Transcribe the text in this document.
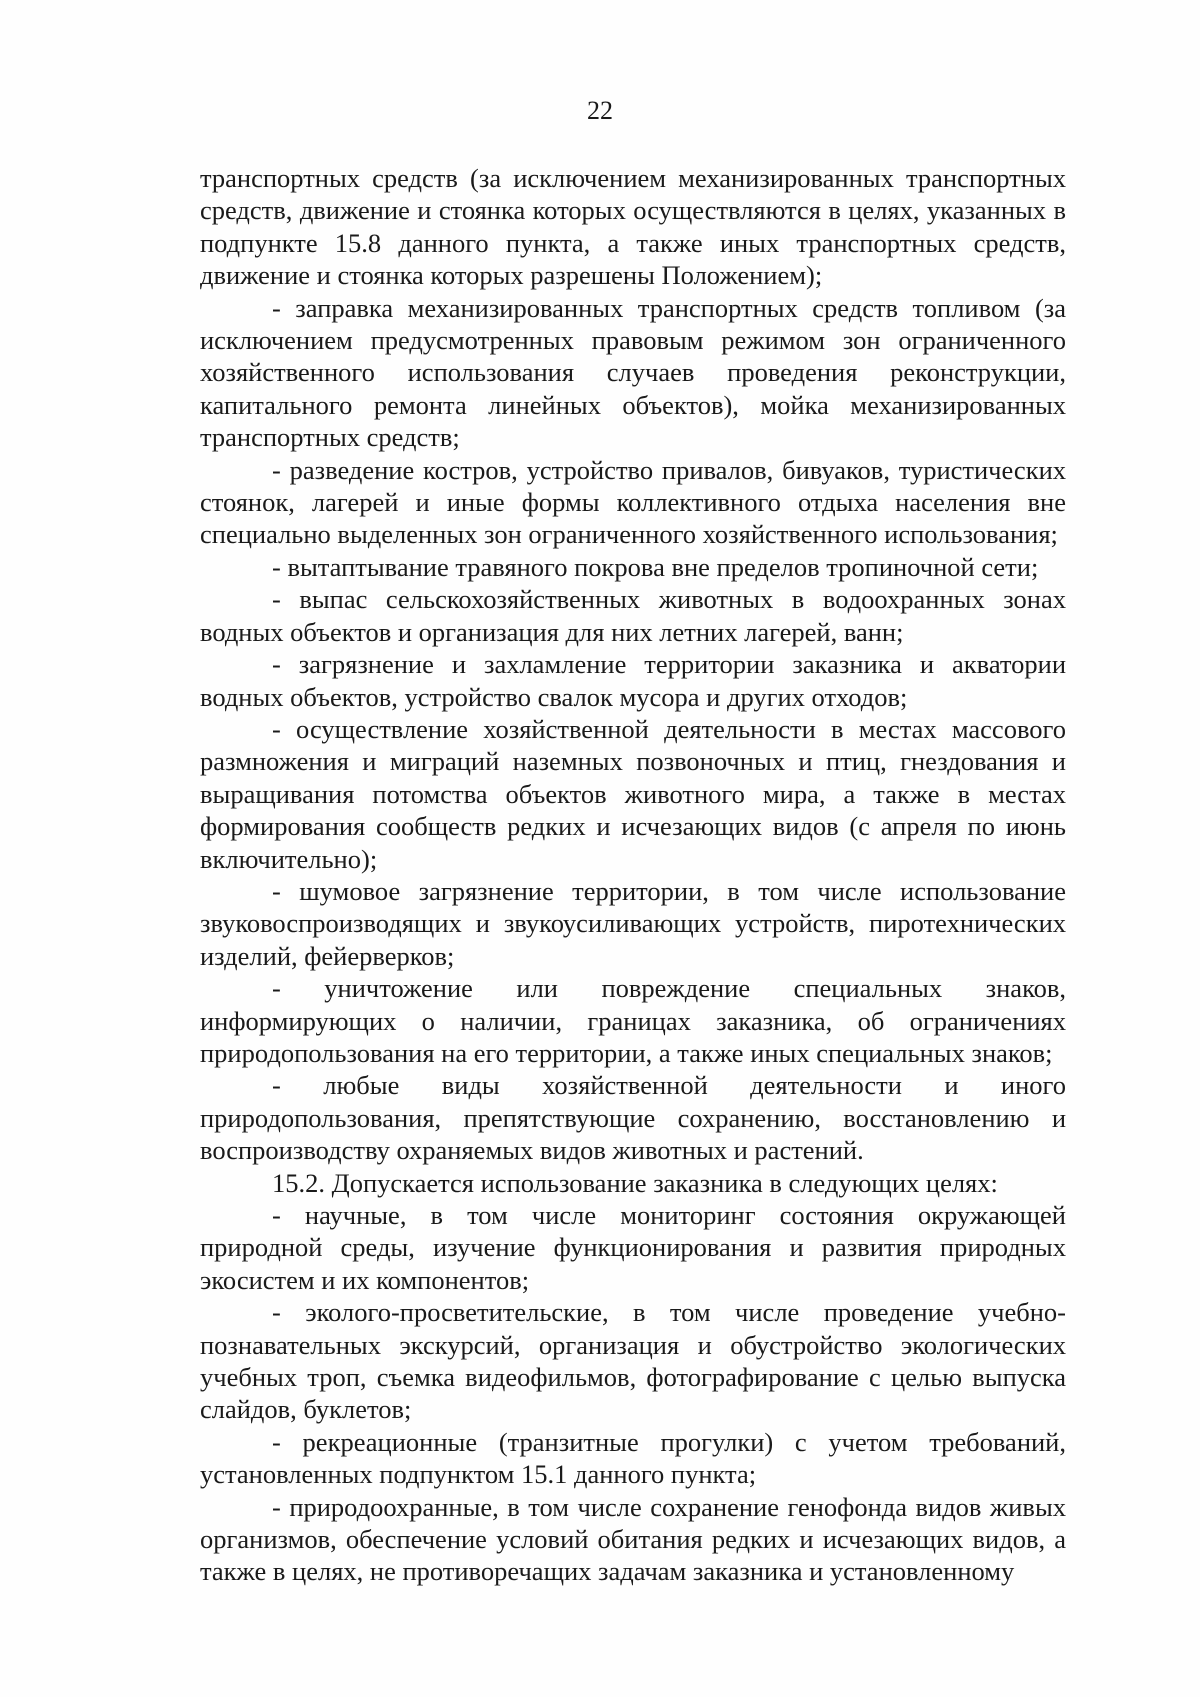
22

транспортных средств (за исключением механизированных транспортных средств, движение и стоянка которых осуществляются в целях, указанных в подпункте 15.8 данного пункта, а также иных транспортных средств, движение и стоянка которых разрешены Положением);

- заправка механизированных транспортных средств топливом (за исключением предусмотренных правовым режимом зон ограниченного хозяйственного использования случаев проведения реконструкции, капитального ремонта линейных объектов), мойка механизированных транспортных средств;

- разведение костров, устройство привалов, бивуаков, туристических стоянок, лагерей и иные формы коллективного отдыха населения вне специально выделенных зон ограниченного хозяйственного использования;

- вытаптывание травяного покрова вне пределов тропиночной сети;

- выпас сельскохозяйственных животных в водоохранных зонах водных объектов и организация для них летних лагерей, ванн;

- загрязнение и захламление территории заказника и акватории водных объектов, устройство свалок мусора и других отходов;

- осуществление хозяйственной деятельности в местах массового размножения и миграций наземных позвоночных и птиц, гнездования и выращивания потомства объектов животного мира, а также в местах формирования сообществ редких и исчезающих видов (с апреля по июнь включительно);

- шумовое загрязнение территории, в том числе использование звуковоспроизводящих и звукоусиливающих устройств, пиротехнических изделий, фейерверков;

- уничтожение или повреждение специальных знаков, информирующих о наличии, границах заказника, об ограничениях природопользования на его территории, а также иных специальных знаков;

- любые виды хозяйственной деятельности и иного природопользования, препятствующие сохранению, восстановлению и воспроизводству охраняемых видов животных и растений.

15.2. Допускается использование заказника в следующих целях:

- научные, в том числе мониторинг состояния окружающей природной среды, изучение функционирования и развития природных экосистем и их компонентов;

- эколого-просветительские, в том числе проведение учебно-познавательных экскурсий, организация и обустройство экологических учебных троп, съемка видеофильмов, фотографирование с целью выпуска слайдов, буклетов;

- рекреационные (транзитные прогулки) с учетом требований, установленных подпунктом 15.1 данного пункта;

- природоохранные, в том числе сохранение генофонда видов живых организмов, обеспечение условий обитания редких и исчезающих видов, а также в целях, не противоречащих задачам заказника и установленному
